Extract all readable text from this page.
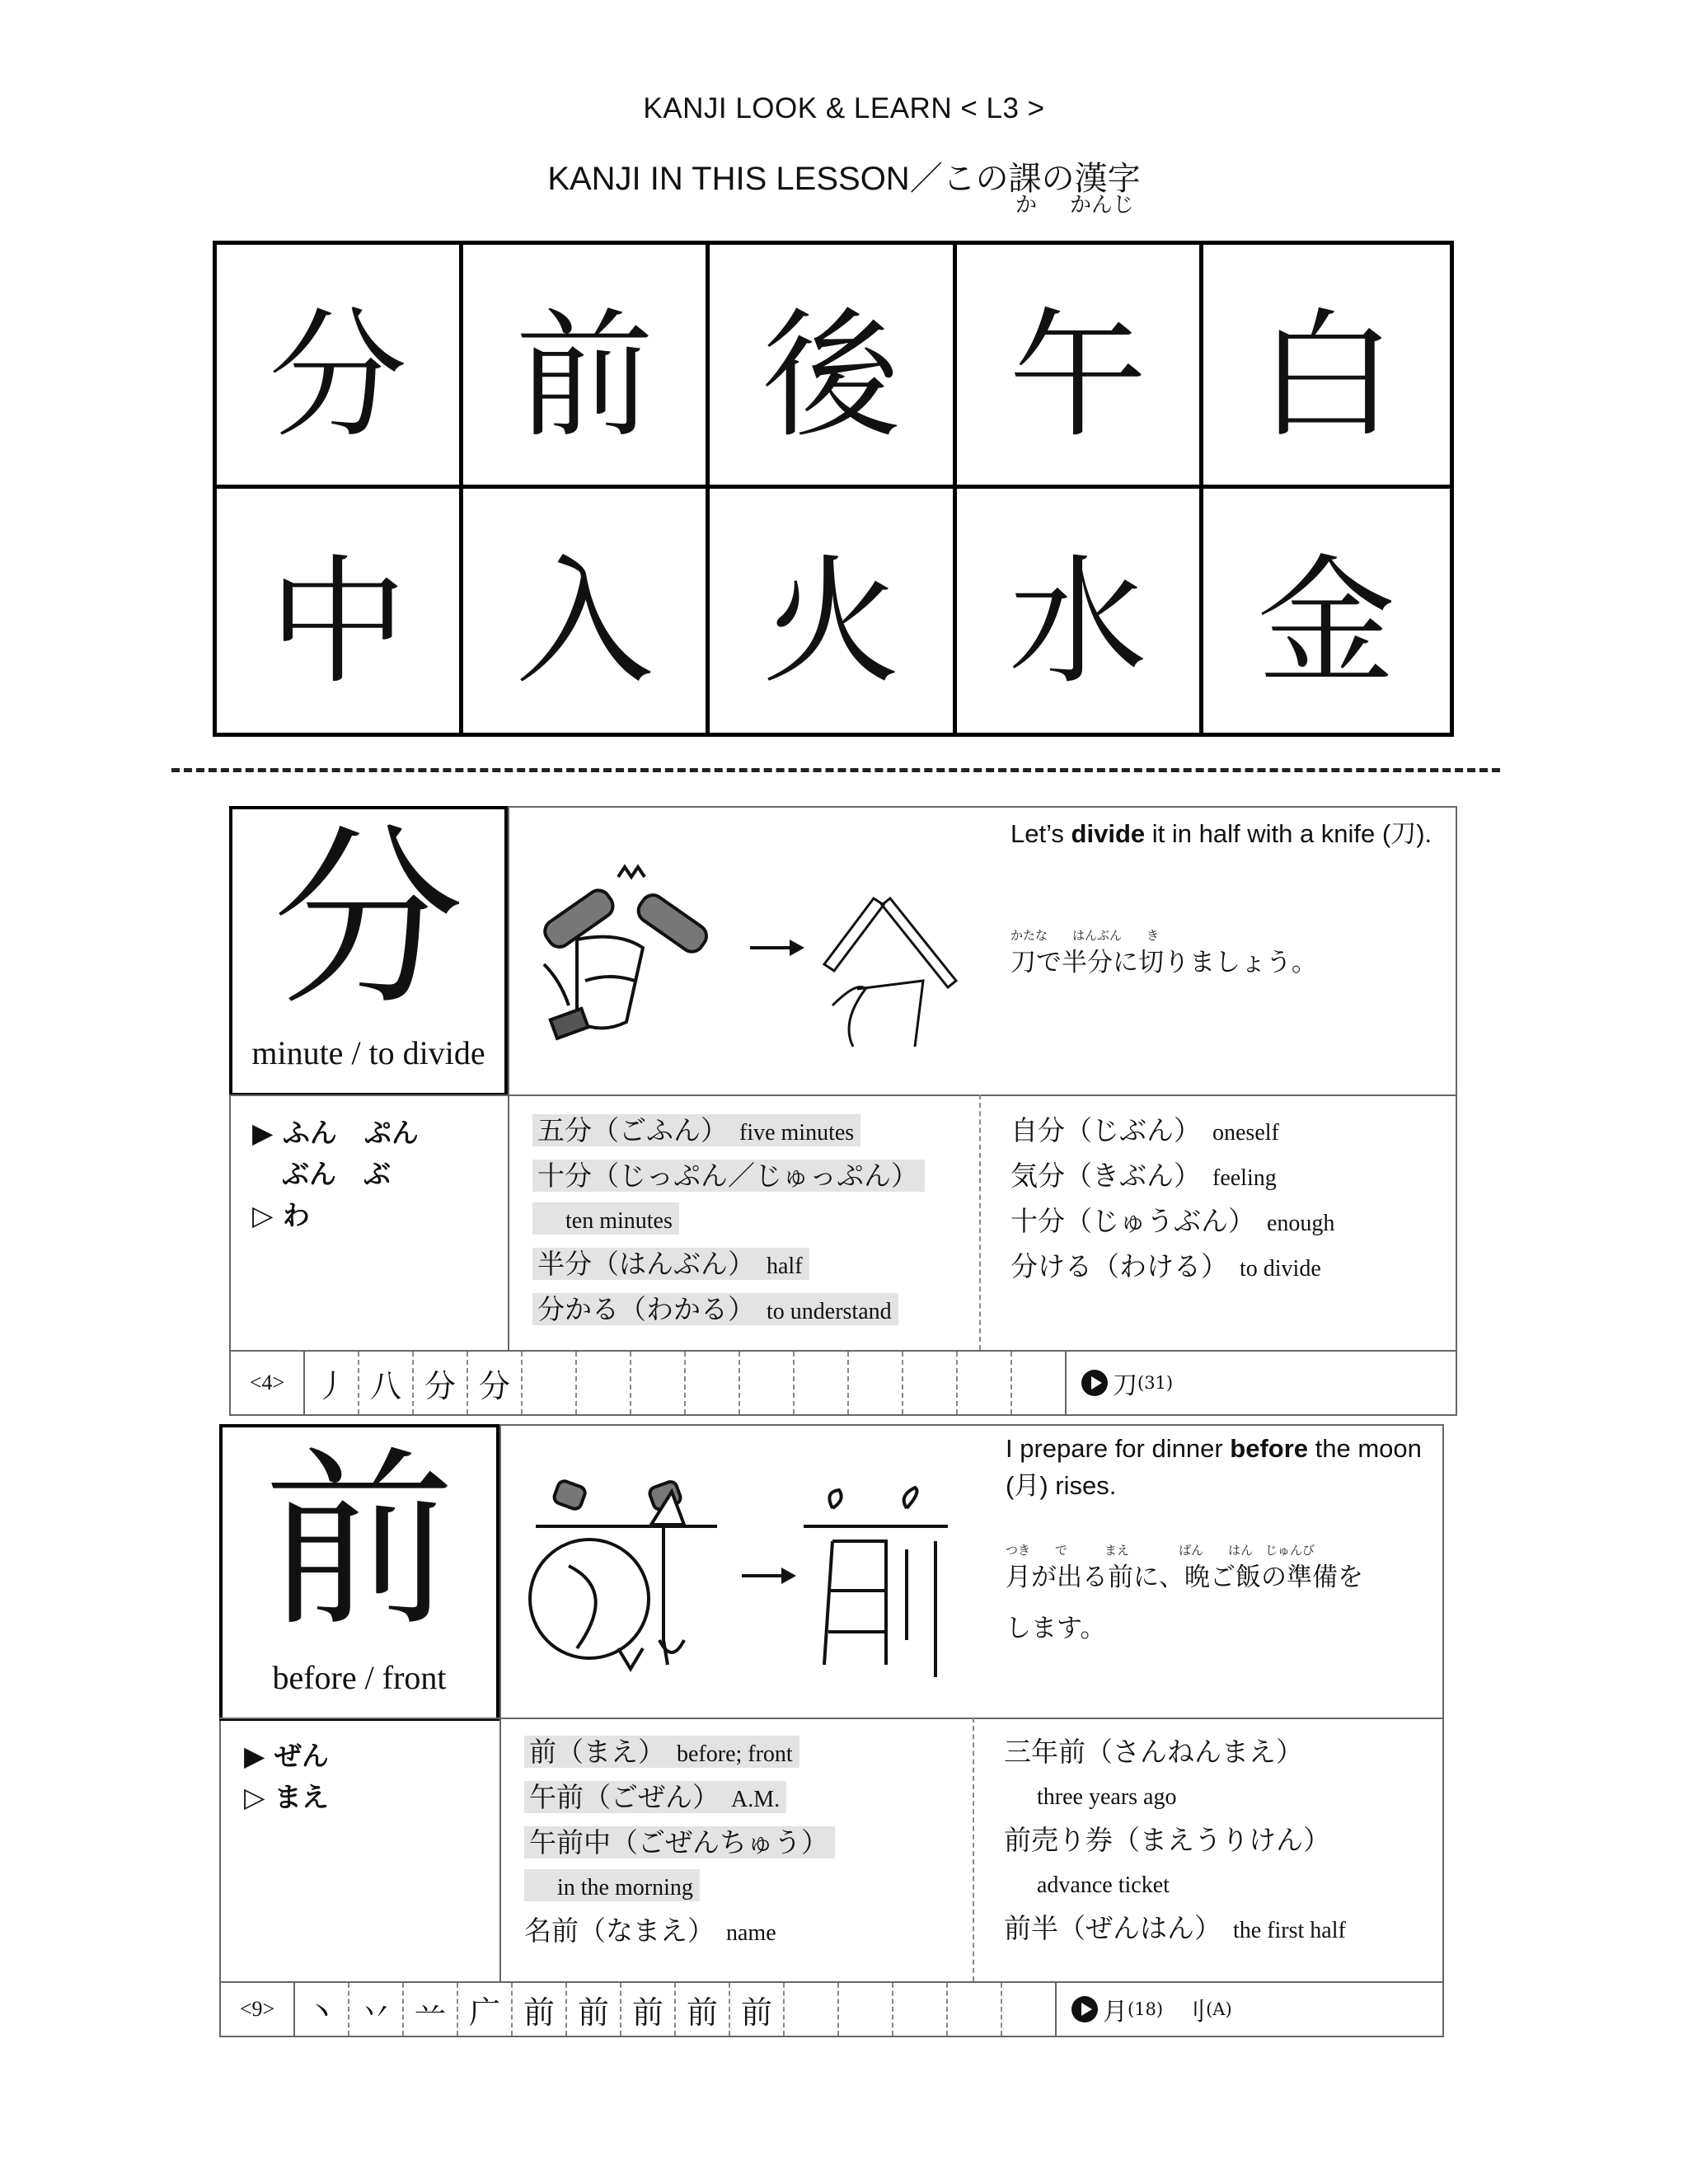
KANJI LOOK & LEARN < L3 >
KANJI IN THIS LESSON／この課の漢字
か かんじ
分 前 後 午 白
中 入 火 水 金
分
minute / to divide
Let’s divide it in half with a knife (刀).
かたな　　はんぶん　　き
刀で半分に切りましょう。
▶ ふん　ぷん
ぶん　ぶ
▷ わ
五分（ごふん） five minutes
十分（じっぷん／じゅっぷん）
ten minutes
半分（はんぶん） half
分かる（わかる） to understand
自分（じぶん） oneself
気分（きぶん） feeling
十分（じゅうぶん） enough
分ける（わける） to divide
<4> 丿 八 分 分	刀 (31)
前
before / front
I prepare for dinner before the moon (月) rises.
つき　　で　　　まえ　　　　ばん　　はん　じゅんび
月が出る前に、晩ご飯の準備を
します。
▶ ぜん
▷ まえ
前（まえ） before; front
午前（ごぜん） A.M.
午前中（ごぜんちゅう）
in the morning
名前（なまえ） name
三年前（さんねんまえ）
three years ago
前売り券（まえうりけん）
advance ticket
前半（ぜんはん） the first half
<9> 丶 丷 䒑 广 前 前 前 前 前	月 (18) 刂 (A)
